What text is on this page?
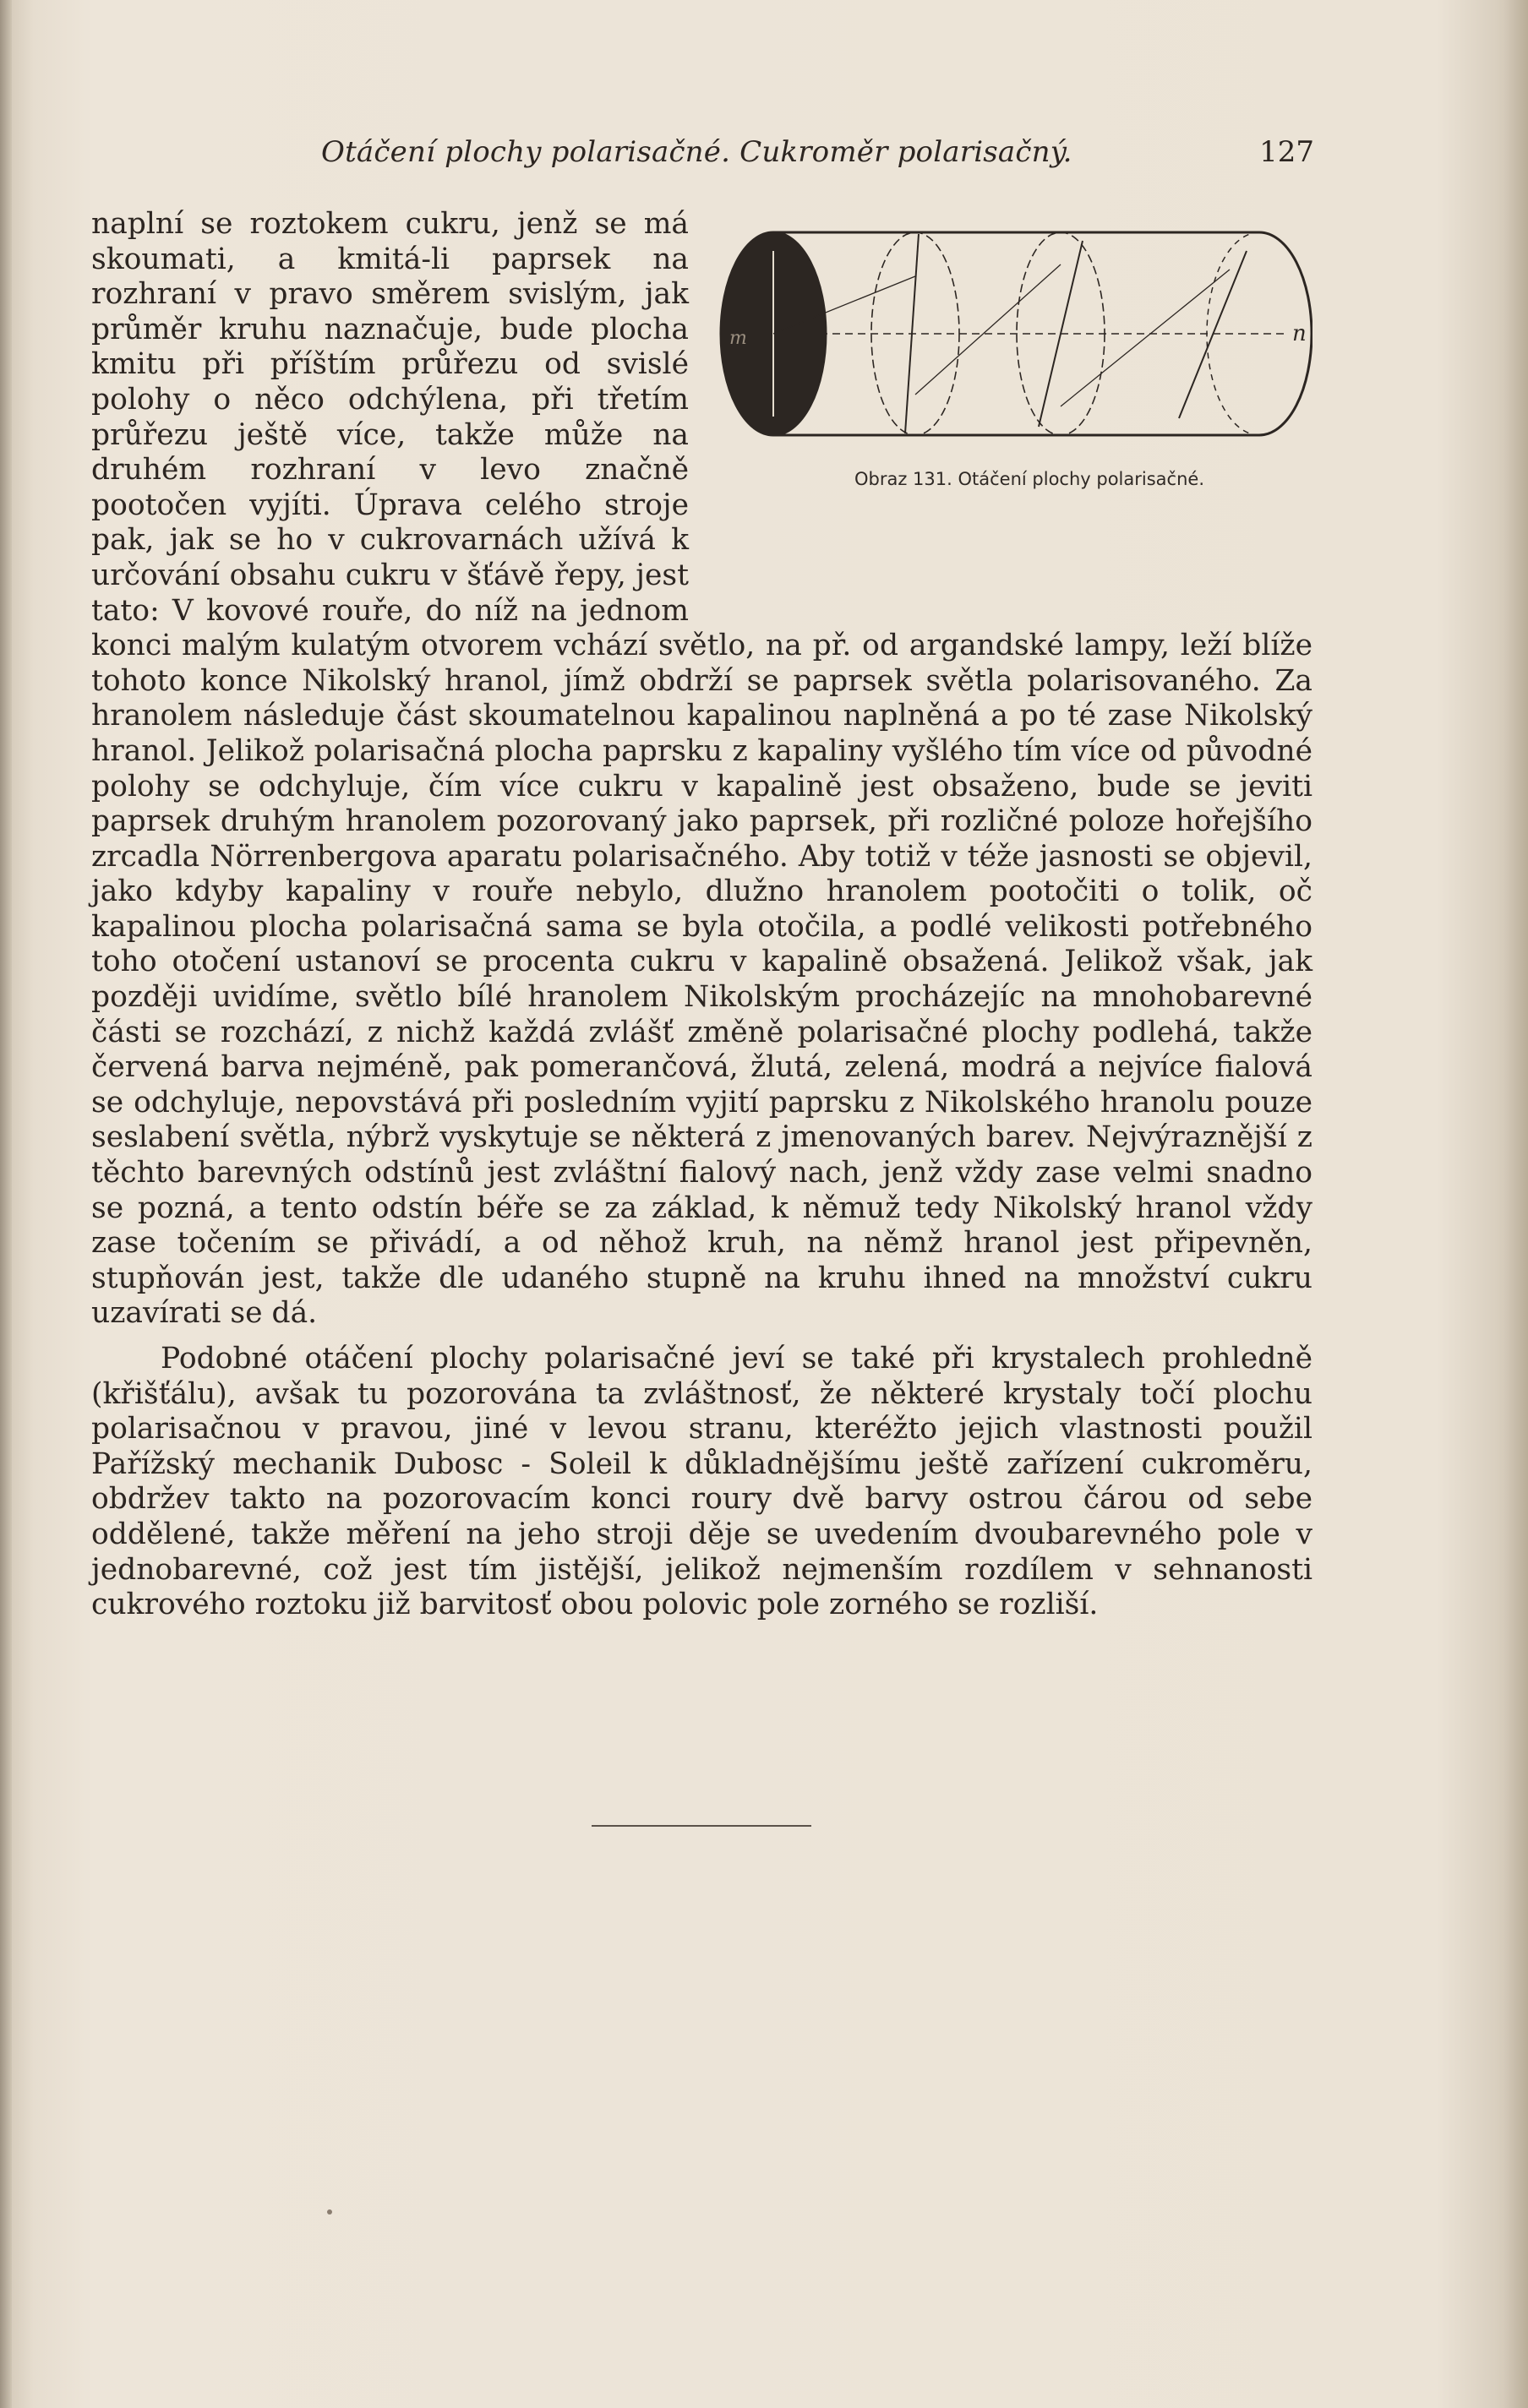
Otáčení plochy polarisačné. Cukroměr polarisačný.	127
m	n
Obraz 131. Otáčení plochy polarisačné.

naplní se roztokem cukru, jenž se má skoumati, a kmitá-li paprsek na rozhraní v pravo směrem svislým, jak průměr kruhu naznačuje, bude plocha kmitu při příštím průřezu od svislé polohy o něco odchýlena, při třetím průřezu ještě více, takže může na druhém rozhraní v levo značně pootočen vyjíti. Úprava celého stroje pak, jak se ho v cukrovarnách užívá k určování obsahu cukru v šťávě řepy, jest tato: V kovové rouře, do níž na jednom konci malým kulatým otvorem vchází světlo, na př. od argandské lampy, leží blíže tohoto konce Nikolský hranol, jímž obdrží se paprsek světla polarisovaného. Za hranolem následuje část skoumatelnou kapalinou naplněná a po té zase Nikolský hranol. Jelikož polarisačná plocha paprsku z kapaliny vyšlého tím více od původné polohy se odchyluje, čím více cukru v kapalině jest obsaženo, bude se jeviti paprsek druhým hranolem pozorovaný jako paprsek, při rozličné poloze hořejšího zrcadla Nörrenbergova aparatu polarisačného. Aby totiž v téže jasnosti se objevil, jako kdyby kapaliny v rouře nebylo, dlužno hranolem pootočiti o tolik, oč kapalinou plocha polarisačná sama se byla otočila, a podlé velikosti potřebného toho otočení ustanoví se procenta cukru v kapalině obsažená. Jelikož však, jak později uvidíme, světlo bílé hranolem Nikolským procházejíc na mnohobarevné části se rozchází, z nichž každá zvlášť změně polarisačné plochy podlehá, takže červená barva nejméně, pak pomerančová, žlutá, zelená, modrá a nejvíce fialová se odchyluje, nepovstává při posledním vyjití paprsku z Nikolského hranolu pouze seslabení světla, nýbrž vyskytuje se některá z jmenovaných barev. Nejvýraznější z těchto barevných odstínů jest zvláštní fialový nach, jenž vždy zase velmi snadno se pozná, a tento odstín béře se za základ, k němuž tedy Nikolský hranol vždy zase točením se přivádí, a od něhož kruh, na němž hranol jest připevněn, stupňován jest, takže dle udaného stupně na kruhu ihned na množství cukru uzavírati se dá.

Podobné otáčení plochy polarisačné jeví se také při krystalech prohledně (křišťálu), avšak tu pozorována ta zvláštnosť, že některé krystaly točí plochu polarisačnou v pravou, jiné v levou stranu, kteréžto jejich vlastnosti použil Pařížský mechanik Dubosc - Soleil k důkladnějšímu ještě zařízení cukroměru, obdržev takto na pozorovacím konci roury dvě barvy ostrou čárou od sebe oddělené, takže měření na jeho stroji děje se uvedením dvoubarevného pole v jednobarevné, což jest tím jistější, jelikož nejmenším rozdílem v sehnanosti cukrového roztoku již barvitosť obou polovic pole zorného se rozliší.
